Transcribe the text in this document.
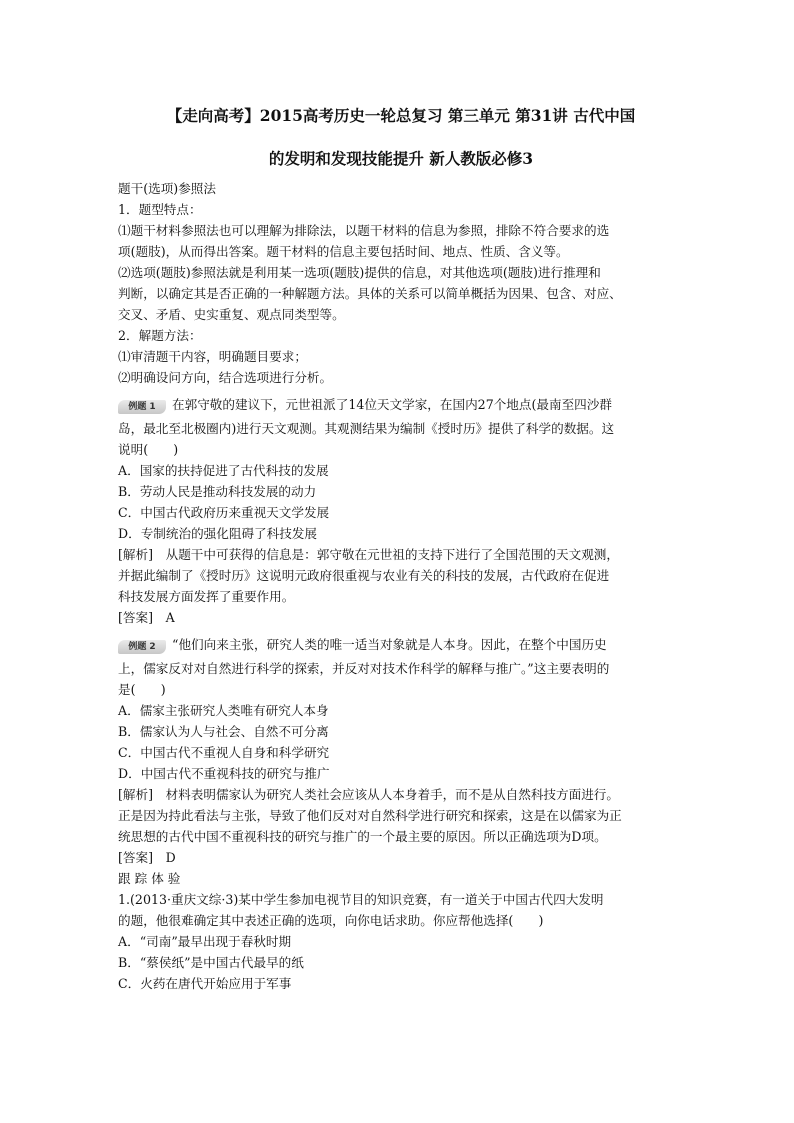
【走向高考】2015高考历史一轮总复习 第三单元 第31讲 古代中国
的发明和发现技能提升 新人教版必修3

题干(选项)参照法

1．题型特点：

⑴题干材料参照法也可以理解为排除法，以题干材料的信息为参照，排除不符合要求的选

项(题肢)，从而得出答案。题干材料的信息主要包括时间、地点、性质、含义等。

⑵选项(题肢)参照法就是利用某一选项(题肢)提供的信息，对其他选项(题肢)进行推理和

判断，以确定其是否正确的一种解题方法。具体的关系可以简单概括为因果、包含、对应、

交叉、矛盾、史实重复、观点同类型等。

2．解题方法：

⑴审清题干内容，明确题目要求；

⑵明确设问方向，结合选项进行分析。

例题 1 在郭守敬的建议下，元世祖派了14位天文学家，在国内27个地点(最南至四沙群

岛，最北至北极圈内)进行天文观测。其观测结果为编制《授时历》提供了科学的数据。这

说明(　　)

A．国家的扶持促进了古代科技的发展

B．劳动人民是推动科技发展的动力

C．中国古代政府历来重视天文学发展

D．专制统治的强化阻碍了科技发展

[解析]　从题干中可获得的信息是：郭守敬在元世祖的支持下进行了全国范围的天文观测，

并据此编制了《授时历》这说明元政府很重视与农业有关的科技的发展，古代政府在促进

科技发展方面发挥了重要作用。

[答案]　A

例题 2 “他们向来主张，研究人类的唯一适当对象就是人本身。因此，在整个中国历史

上，儒家反对对自然进行科学的探索，并反对对技术作科学的解释与推广。”这主要表明的

是(　　)

A．儒家主张研究人类唯有研究人本身

B．儒家认为人与社会、自然不可分离

C．中国古代不重视人自身和科学研究

D．中国古代不重视科技的研究与推广

[解析]　材料表明儒家认为研究人类社会应该从人本身着手，而不是从自然科技方面进行。

正是因为持此看法与主张，导致了他们反对对自然科学进行研究和探索，这是在以儒家为正

统思想的古代中国不重视科技的研究与推广的一个最主要的原因。所以正确选项为D项。

[答案]　D

跟 踪 体 验

1.(2013·重庆文综·3)某中学生参加电视节目的知识竞赛，有一道关于中国古代四大发明

的题，他很难确定其中表述正确的选项，向你电话求助。你应帮他选择(　　)

A．“司南”最早出现于春秋时期

B．“蔡侯纸”是中国古代最早的纸

C．火药在唐代开始应用于军事
